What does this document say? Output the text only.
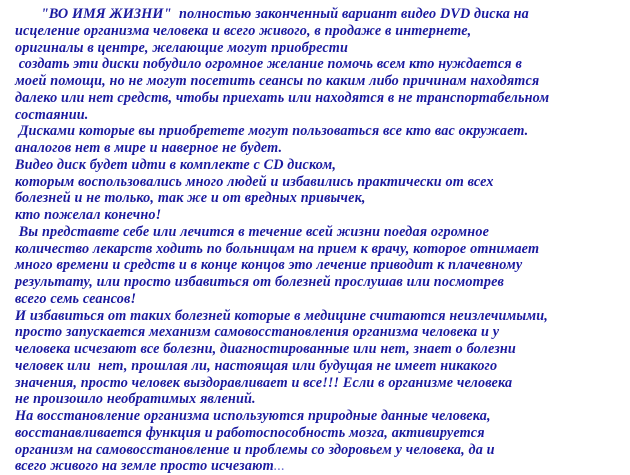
"ВО ИМЯ ЖИЗНИ"  полностью законченный вариант видео DVD диска на
исцеление организма человека и всего живого, в продаже в интернете,
оригиналы в центре, желающие могут приобрести
создать эти диски побудило огромное желание помочь всем кто нуждается в
моей помощи, но не могут посетить сеансы по каким либо причинам находятся
далеко или нет средств, чтобы приехать или находятся в не транспортабельном
состаянии.
Дисками которые вы приобретете могут пользоваться все кто вас окружает.
аналогов нет в мире и наверное не будет.
Видео диск будет идти в комплекте с CD диском,
которым воспользовались много людей и избавились практически от всех
болезней и не только, так же и от вредных привычек,
кто пожелал конечно!
Вы представте себе или лечится в течение всей жизни поедая огромное
количество лекарств ходить по больницам на прием к врачу, которое отнимает
много времени и средств и в конце концов это лечение приводит к плачевному
результату, или просто избавиться от болезней прослушав или посмотрев
всего семь сеансов!
И избавиться от таких болезней которые в медицине считаются неизлечимыми,
просто запускается механизм самовосстановления организма человека и у
человека исчезают все болезни, диагностированные или нет, знает о болезни
человек или  нет, прошлая ли, настоящая или будущая не имеет никакого
значения, просто человек выздоравливает и все!!! Если в организме человека
не произошло необратимых явлений.
На восстановление организма используются природные данные человека,
восстанавливается функция и работоспособность мозга, активируется
организм на самовосстановление и проблемы со здоровьем у человека, да и
всего живого на земле просто исчезают...
